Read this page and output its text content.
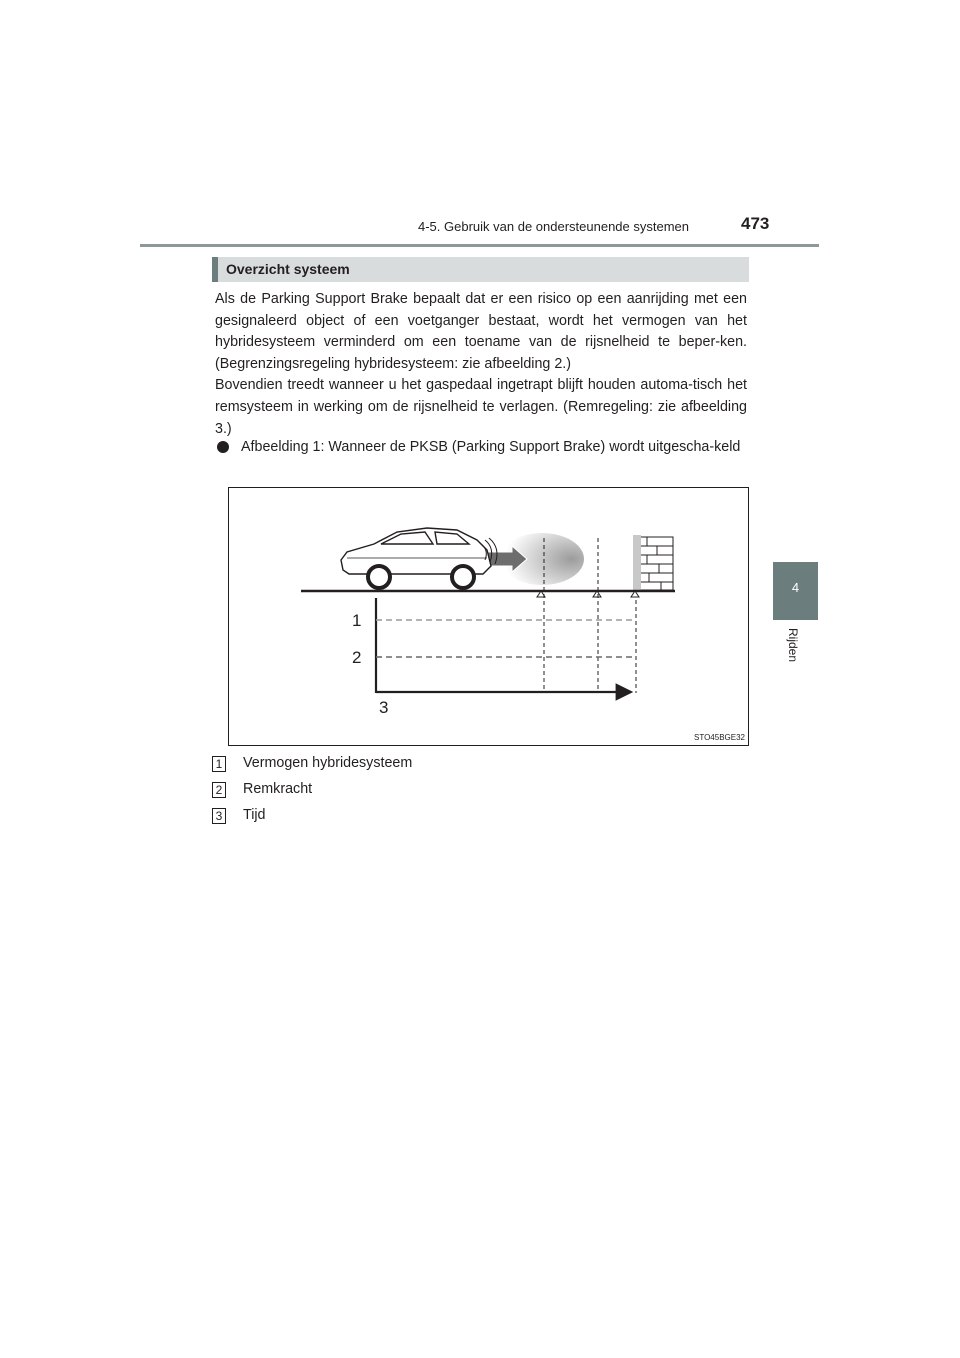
4-5. Gebruik van de ondersteunende systemen	473
4
Rijden
Overzicht systeem

Als de Parking Support Brake bepaalt dat er een risico op een aanrijding met een gesignaleerd object of een voetganger bestaat, wordt het vermogen van het hybridesysteem verminderd om een toename van de rijsnelheid te beper-ken. (Begrenzingsregeling hybridesysteem: zie afbeelding 2.)

Bovendien treedt wanneer u het gaspedaal ingetrapt blijft houden automa-tisch het remsysteem in werking om de rijsnelheid te verlagen. (Remregeling: zie afbeelding 3.)

Afbeelding 1: Wanneer de PKSB (Parking Support Brake) wordt uitgescha-keld
1
2
3
STO45BGE32
1 Vermogen hybridesysteem
2 Remkracht
3 Tijd
